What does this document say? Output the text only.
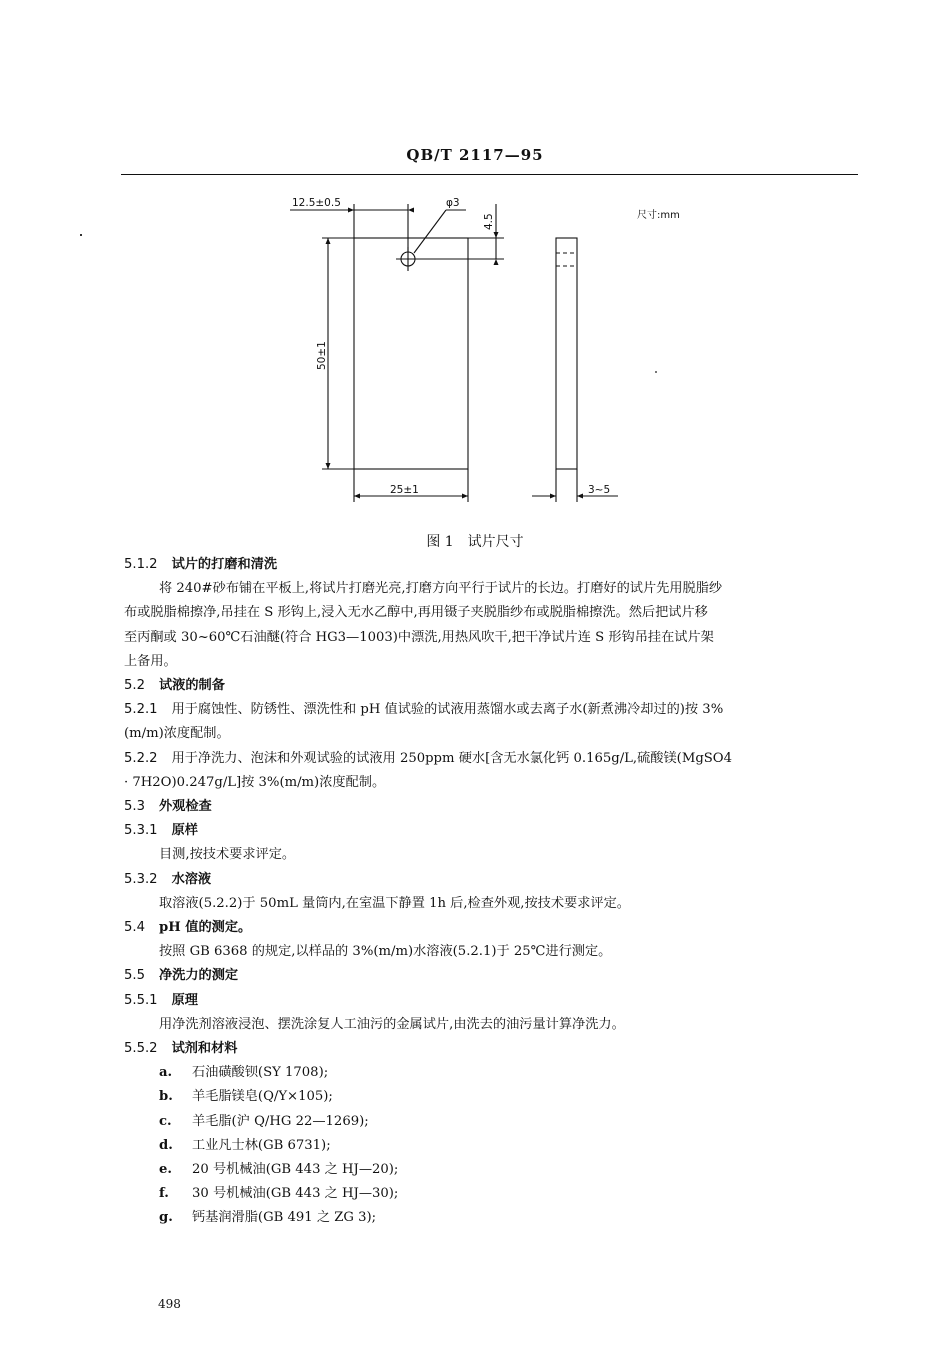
QB/T 2117—95
12.5±0.5	φ3
4.5
50±1
25±1	3~5
尺寸:mm
图 1　试片尺寸
5.1.2 试片的打磨和清洗
将 240#砂布铺在平板上,将试片打磨光亮,打磨方向平行于试片的长边。打磨好的试片先用脱脂纱
布或脱脂棉擦净,吊挂在 S 形钩上,浸入无水乙醇中,再用镊子夹脱脂纱布或脱脂棉擦洗。然后把试片移
至丙酮或 30~60℃石油醚(符合 HG3—1003)中漂洗,用热风吹干,把干净试片连 S 形钩吊挂在试片架
上备用。
5.2 试液的制备
5.2.1 用于腐蚀性、防锈性、漂洗性和 pH 值试验的试液用蒸馏水或去离子水(新煮沸冷却过的)按 3%
(m/m)浓度配制。
5.2.2 用于净洗力、泡沫和外观试验的试液用 250ppm 硬水[含无水氯化钙 0.165g/L,硫酸镁(MgSO4
· 7H2O)0.247g/L]按 3%(m/m)浓度配制。
5.3 外观检查
5.3.1 原样
目测,按技术要求评定。
5.3.2 水溶液
取溶液(5.2.2)于 50mL 量筒内,在室温下静置 1h 后,检查外观,按技术要求评定。
5.4 pH 值的测定。
按照 GB 6368 的规定,以样品的 3%(m/m)水溶液(5.2.1)于 25℃进行测定。
5.5 净洗力的测定
5.5.1 原理
用净洗剂溶液浸泡、摆洗涂复人工油污的金属试片,由洗去的油污量计算净洗力。
5.5.2 试剂和材料
a. 石油磺酸钡(SY 1708);
b. 羊毛脂镁皂(Q/Y×105);
c. 羊毛脂(沪 Q/HG 22—1269);
d. 工业凡士林(GB 6731);
e. 20 号机械油(GB 443 之 HJ—20);
f. 30 号机械油(GB 443 之 HJ—30);
g. 钙基润滑脂(GB 491 之 ZG 3);
498
